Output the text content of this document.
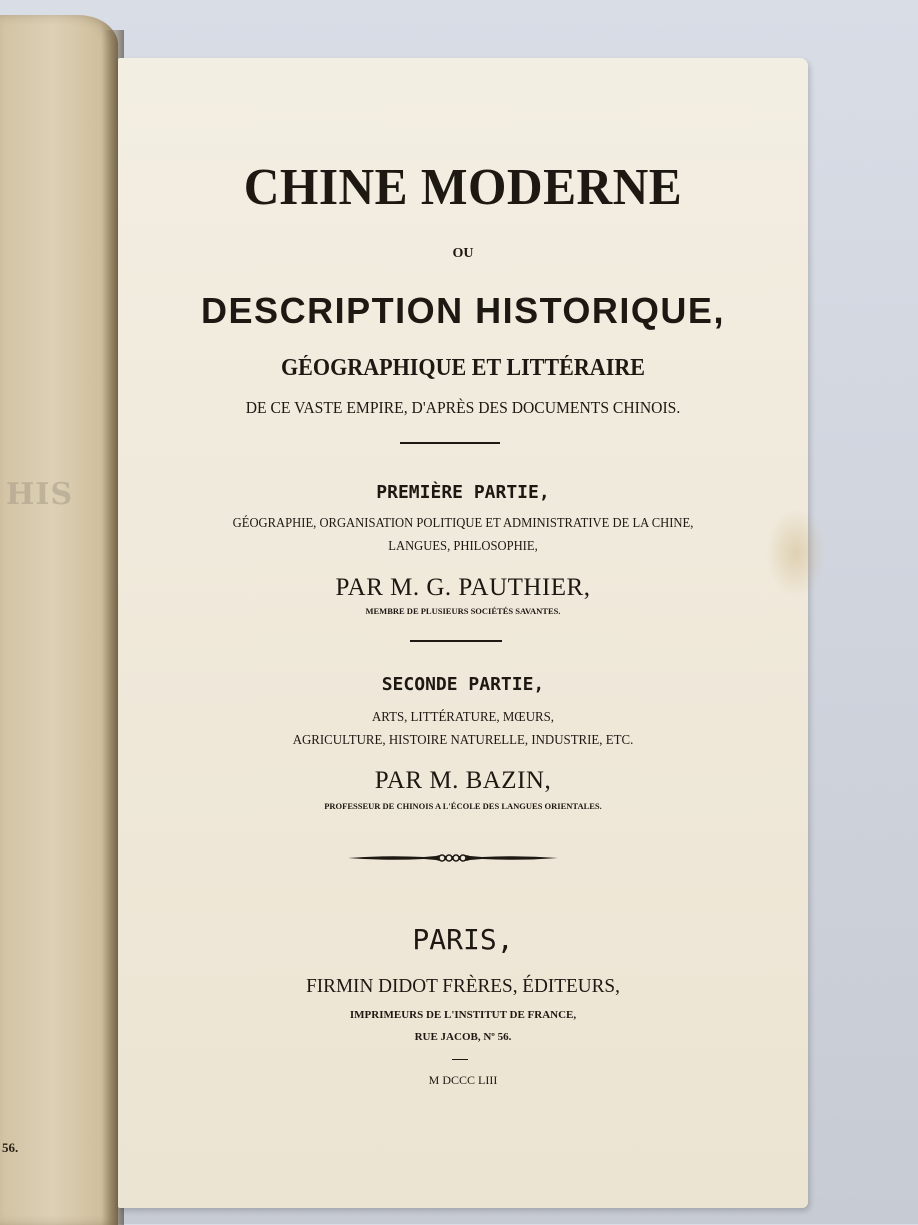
HIS
56.

CHINE MODERNE

OU

DESCRIPTION HISTORIQUE,

GÉOGRAPHIQUE ET LITTÉRAIRE

DE CE VASTE EMPIRE, D'APRÈS DES DOCUMENTS CHINOIS.

PREMIÈRE PARTIE,

GÉOGRAPHIE, ORGANISATION POLITIQUE ET ADMINISTRATIVE DE LA CHINE,

LANGUES, PHILOSOPHIE,

PAR M. G. PAUTHIER,

MEMBRE DE PLUSIEURS SOCIÉTÉS SAVANTES.

SECONDE PARTIE,

ARTS, LITTÉRATURE, MŒURS,

AGRICULTURE, HISTOIRE NATURELLE, INDUSTRIE, ETC.

PAR M. BAZIN,

PROFESSEUR DE CHINOIS A L'ÉCOLE DES LANGUES ORIENTALES.

PARIS,

FIRMIN DIDOT FRÈRES, ÉDITEURS,

IMPRIMEURS DE L'INSTITUT DE FRANCE,

RUE JACOB, Nº 56.

M DCCC LIII
